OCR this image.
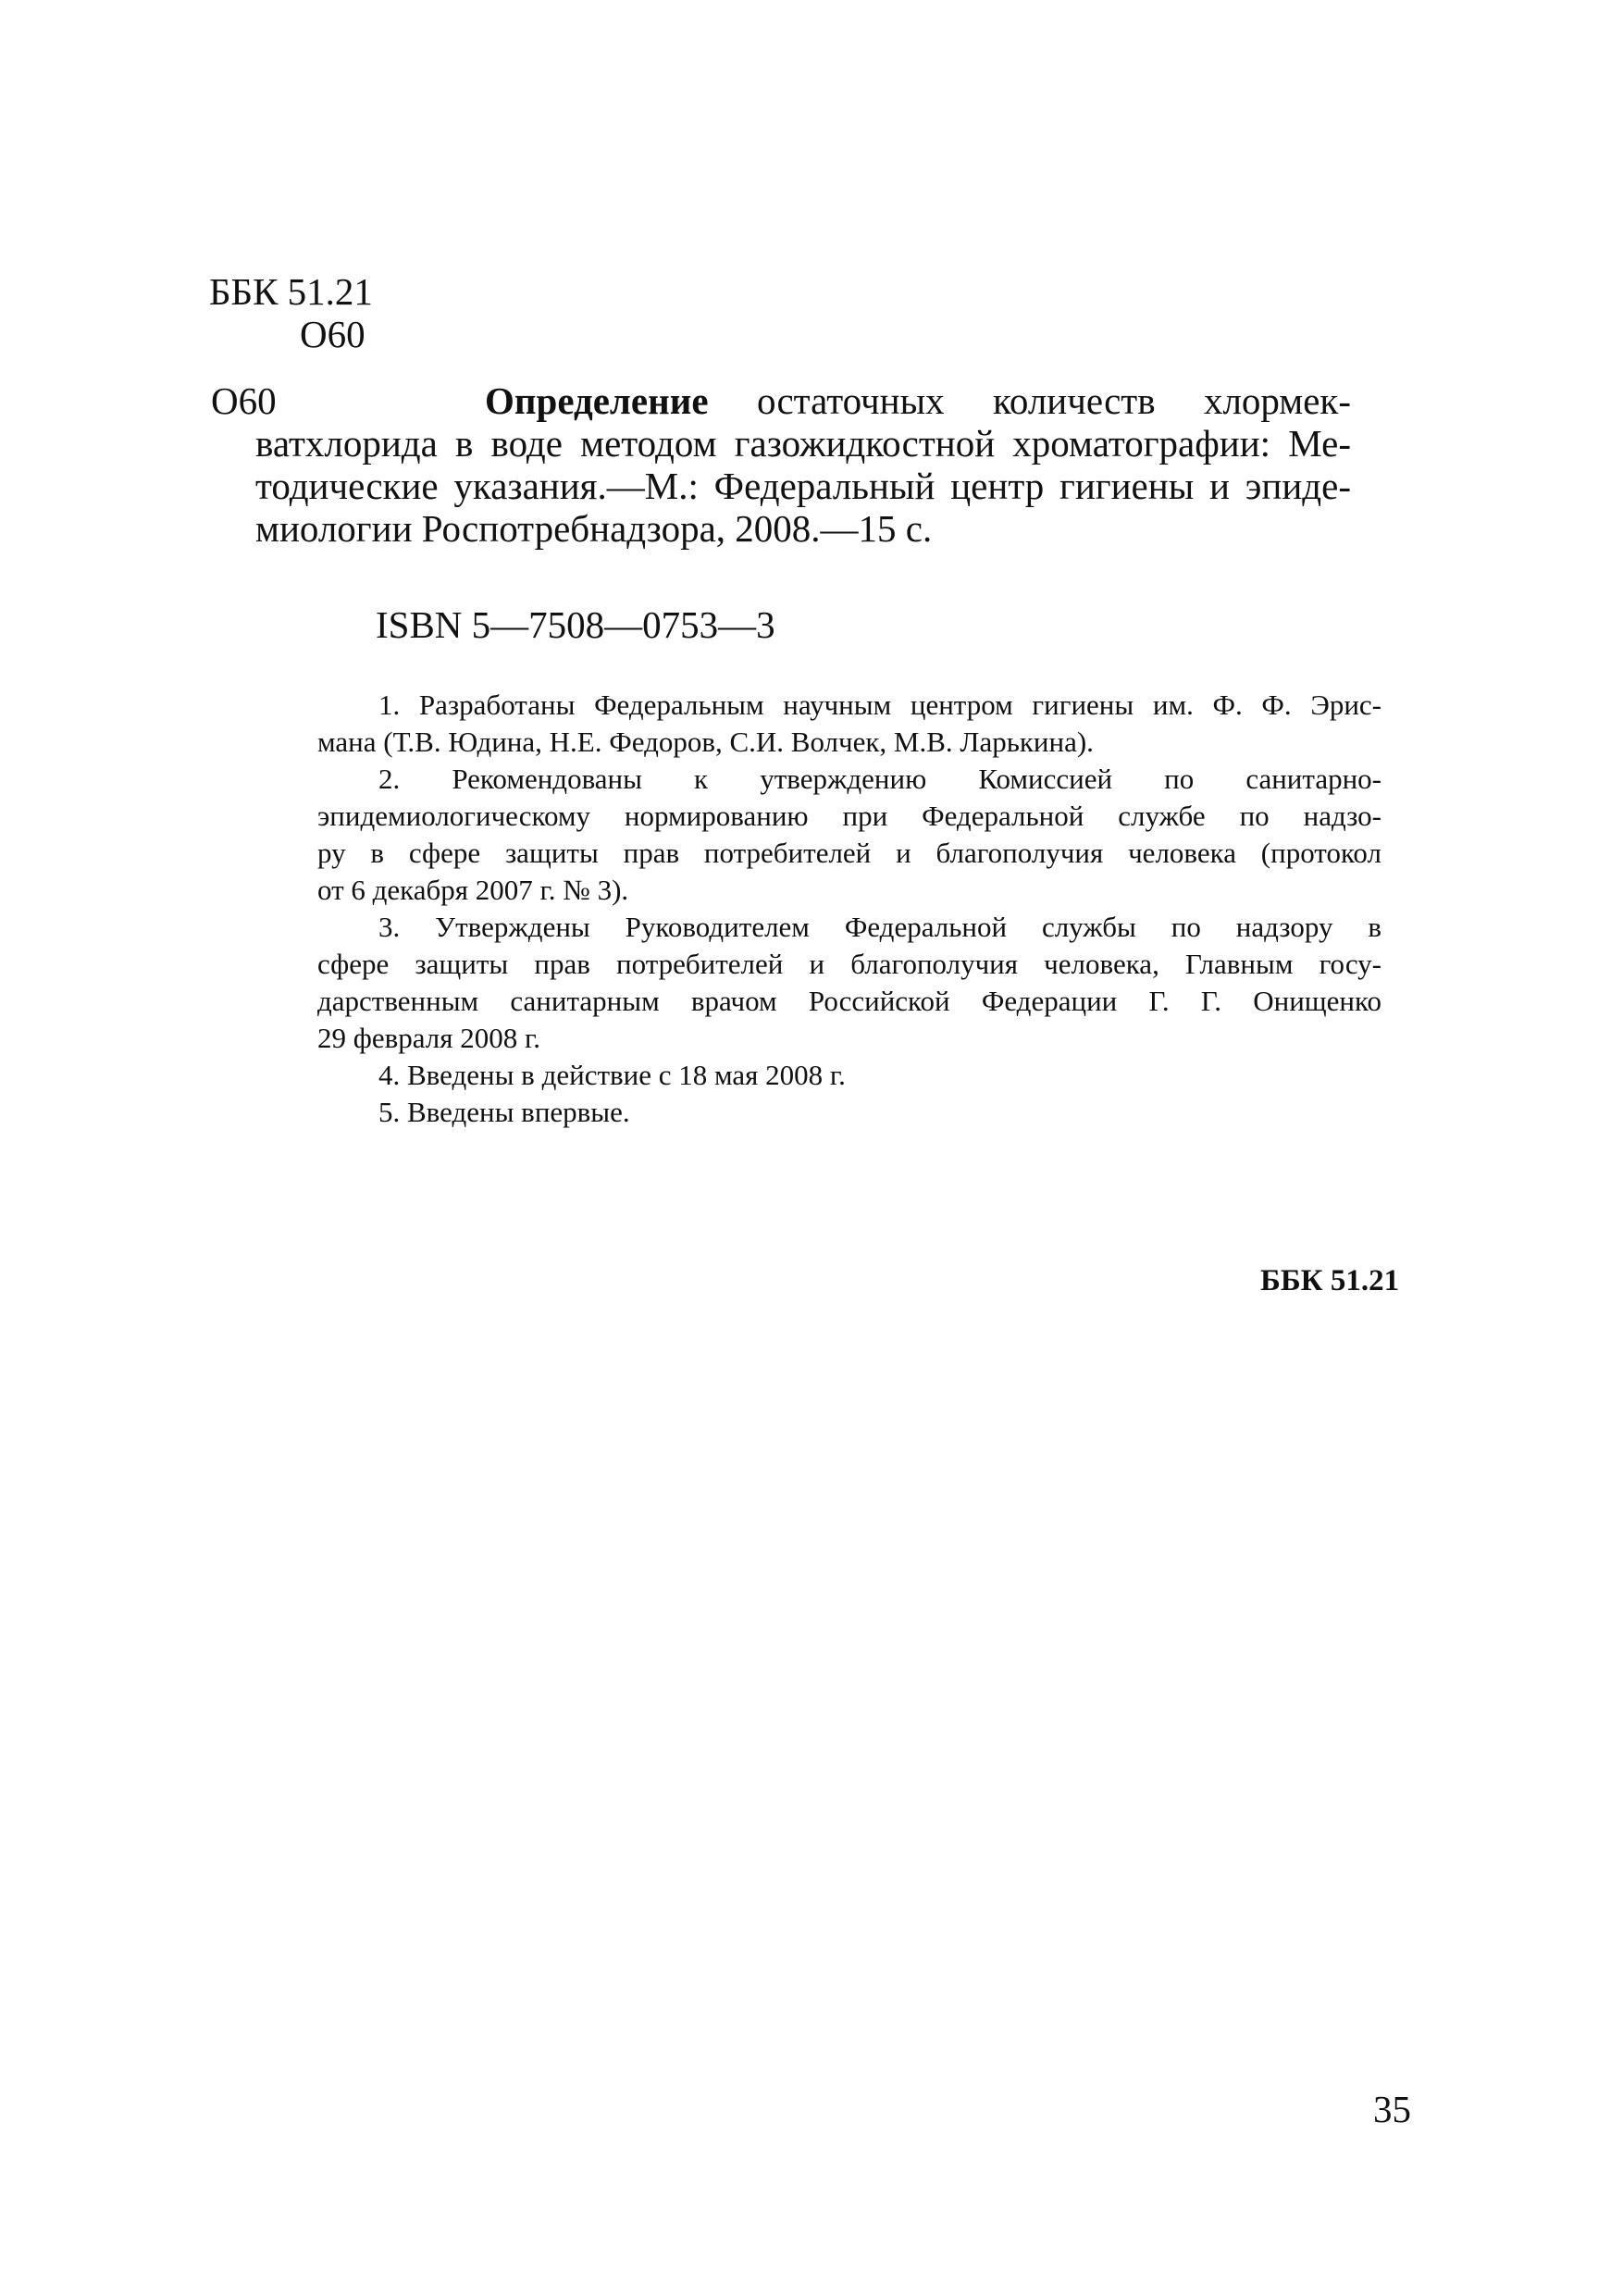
ББК 51.21
О60
О60	Определение остаточных количеств хлормек-
ватхлорида в воде методом газожидкостной хроматографии: Ме-
тодические указания.—М.: Федеральный центр гигиены и эпиде-
миологии Роспотребнадзора, 2008.—15 с.
ISBN 5—7508—0753—3
1. Разработаны Федеральным научным центром гигиены им. Ф. Ф. Эрис-
мана (Т.В. Юдина, Н.Е. Федоров, С.И. Волчек, М.В. Ларькина).
2. Рекомендованы к утверждению Комиссией по санитарно-
эпидемиологическому нормированию при Федеральной службе по надзо-
ру в сфере защиты прав потребителей и благополучия человека (протокол
от 6 декабря 2007 г. № 3).
3. Утверждены Руководителем Федеральной службы по надзору в
сфере защиты прав потребителей и благополучия человека, Главным госу-
дарственным санитарным врачом Российской Федерации Г. Г. Онищенко
29 февраля 2008 г.
4. Введены в действие с 18 мая 2008 г.
5. Введены впервые.
ББК 51.21
35
